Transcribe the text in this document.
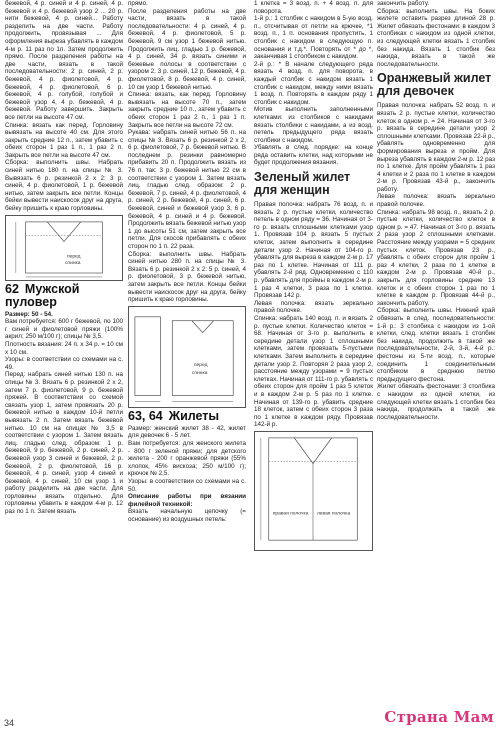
бежевой, 4 р. синей и 4 р. синей, 4 р. бежевой и 4 р. бежевой узор 2 ... 20 р. нити бежевой, 4 р. синей... Работу разделить на две части. Работу продолжить, провязывая ... Для оформления выреза убавлять в каждом 4-м р. 11 раз по 1п. Затем продолжить прямо. После разделения работы на две части, вязать в такой последовательности: 2 р. синей, 2 р. бежевой, 4 р. фиолетовой, 4 р. бежевой, 4 р. фиолетовой, 6 р. бежевой, 4 р. голубой, голубой и бежевой узор 4, 4 р. бежевой, 4 р. бежевой. Работу завершить. Закрыть все петли на высоте 47 см.

Спинка: вязать как перед. Горловину вывязать на высоте 40 см. Для этого закрыть средние 12 п., затем убавить с обеих сторон 1 раз 1 п., 1 раз 2 п. Закрыть все петли на высоте 47 см.

Сборка: выполнить швы. Набрать синей нитью 180 п. на спицы № 3. Вывязать 6 р. резинкой 2 х 2: 3 р. синей, 4 р. фиолетовой, 1 р. бежевой нитью, затем закрыть все петли. Концы бейки вывести наискосок друг на друга, бейку пришить к краю горловины.

перед
спинка
62 Мужской пуловер

Размер: 50 - 54.

Вам потребуется: 600 г бежевой, по 100 г синей и фиолетовой пряжи (100% акрил; 250 м/100 г); спицы № 3,5.

Плотность вязания: 24 п. х 34 р. = 10 см х 10 см.

Узоры: в соответствии со схемами на с. 49.

Перед: набрать синей нитью 130 п. на спицы № 3. Вязать 6 р. резинкой 2 х 2, затем 7 р. фиолетовой, 9 р. бежевой пряжей. В соответствии со схемой связать узор 1, затем провязать 20 р. бежевой нитью в каждом 10-й петли вывязать 2 п. Затем вязать бежевой нитью. 10 см на спицах № 3,5 в соответствии с узором 1. Затем вязать лиц. гладью след. образом: 1 р. бежевой, 9 р. бежевой, 2 р. синей, 2 р. бежевой узор 3 синей и бежевой, 2 р. бежевой, 2 р. фиолетовой, 16 р. бежевой, 4 р. синей, узор 4 синей и бежевой, 4 р. синей, 10 см узор 1 и работу разделить на две части. Для горловины вязать отдельно. Для горловины убавить в каждом 4-м р. 12 раз по 1 п. Затем вязать

прямо.

После разделения работы на две части, вязать в такой последовательности: 4 р. синей, 4 р. бежевой, 4 р. фиолетовой, 5 р. бежевой, 9 см узор 1 бежевой нитью. Продолжить лиц. гладью 1 р. бежевой, 4 р. синей, 34 р. вязать синими и бежевые полосы в соответствии с узором 2. 3 р. синей, 12 р. бежевой, 4 р. фиолетовой, 8 р. бежевой, 4 р. синей, 10 см узор 1 бежевой нитью.

Спинка: вязать, как перед. Горловину вывязать на высоте 70 п., затем закрыть средние 10 п., затем убавить с обеих сторон 1 раз 2 п., 1 раз 1 п. Закрыть все петли на высоте 72 см.

Рукава: набрать синей нитью 56 п. на спицы № 3. Вязать 6 р. резинкой 2 х 2, 6 р. фиолетовой, 7 р. бежевой нитью. В последнем р. резинки равномерно прибавить 20 п. Продолжить вязать из 76 п. так: 3 р. бежевой нитью 22 см в соответствии с узором 1. Затем вязать лиц. гладью след. образом: 2 р. бежевой, 7 р. синей, 4 р. фиолетовой, 4 р. синей, 2 р. бежевой, 4 р. синей, 6 р. бежевой, синей и бежевой узор 3, 6 р. бежевой, 4 р. синей и 4 р. бежевой. Продолжить вязать бежевой нитью узор 1 до высоты 51 см, затем закрыть все петли. Для скосов прибавлять с обеих сторон по 1 п. 22 раза.

Сборка: выполнить швы. Набрать синей нитью 280 п. на спицы № 3. Вязать 6 р. резинкой 2 х 2: 5 р. синей, 4 р. фиолетовой, 3 р. бежевой нитью, затем закрыть все петли. Концы бейки вывести наискосок друг на друга, бейку пришить к краю горловины.

перед
спинка
63, 64 Жилеты

Размер: женский жилет 38 - 42, жилет для девочек 6 - 5 лет.

Вам потребуется: для женского жилета - 800 г зеленой пряжи; для детского жилета - 200 г оранжевой пряжи (55% хлопок, 45% вискоза; 250 м/100 г); крючок № 2,5.

Узоры: в соответствии со схемами на с. 50.

Описание работы при вязании филейной техникой:

Вязать начальную цепочку (= основание) из воздушных петель:

1 клетка = 3 возд. п. + 4 возд. п. для поворота.

1-й р.: 1 столбик с накидом в 5-ую возд. п., отсчитывая от петли на крючке, *1 возд. п., 1 п. основания пропустить, 1 столбик с накидом в следующую п. основания и т.д.*. Повторять от * до *, заканчивая 1 столбиком с накидом.

2-й р.: * В начале следующего ряда вязать 4 возд. п. для поворота, в каждый столбик с накидом вязать 1 столбик с накидом, между ними вязать 1 возд. п. Повторять в каждом ряду 1 столбик с накидом.

Мотив выполнить заполненными клетками: из столбиков с накидами вязать столбики с накидами, а из возд. петель предыдущего ряда вязать столбики с накидом.

Убавлять в след. порядке: на конце ряда оставить клетки, над которыми не будет продолжения вязания.

Зеленый жилет для женщин

Правая полочка: набрать 76 возд. п. и вязать 2 р. пустые клетки, количество петель в одном ряду = 36. Начиная от 3-го р. вязать сплошными клетками узор 1. Провязав 104 р. вязать 5 пустых клеток, затем выполнить в середине детали узор 2. Начиная от 104-го р. убавлять для выреза в каждом 2-м р. 17 раз по 1 клетке. Начиная от 111 р. убавлять 2-й ряд. Одновременно с 110 р. убавлять для проймы в каждом 2-м р. 1 раз 4 клетки, 3 раза по 1 клетке. Провязав 142 р.

Левая полочка: вязать зеркально правой полочке.

Спинка: набрать 140 возд. п. и вязать 2 р. пустые клетки. Количество клеток = 68. Начиная от 3-го р. выполнить в середине детали узор 1 сплошными клетками, затем провязать 5-пустыми клетками. Затем выполнить в середине детали узор 2. Повторяя 2 раза узор 2, расстояние между узорами = 9 пустых клетках. Начиная от 111-го р. убавлять с обеих сторон для пройм 1 раз 5 клеток и в каждом 2-м р. 5 раз по 1 клетке. Начиная от 139-го р. убавить средние 18 клеток, затем с обеих сторон 3 раза по 1 клетке в каждом ряду. Провязав 142-й р.

правая полочка левая полочка

закончить работу.

Сборка: выполнить швы. На боких жилете оставить разрез длиной 28 р. Жилет обвязать фестонами: в каждом 3 столбиках с накидом из одной клетки, из следующей клетки вязать 1 столбик без накида. Вязать 1 столбик без накида, вязать в такой же последовательности.

Оранжевый жилет для девочек

Правая полочка: набрать 52 возд. п. и вязать 2 р. пустые клетки, количество клеток в одном р. = 24. Начиная от 3-го р. вязать в середине детали узор 2 сплошными клетками. Провязав 22-й р., убавлять одновременно для формирования выреза и пройм. Для выреза убавлять в каждом 2-м р. 12 раз по 1 клетке. Для пройм убавлять 1 раз 4 клетки и 2 раза по 1 клетке в каждом 2-м р. Провязав 43-й р., закончить работу.

Левая полочка: вязать зеркально правой полочке.

Спинка: набрать 98 возд. п., вязать 2 р. пустые клетки, количество клеток в одном р. = 47. Начиная от 3-го р. вязать 2 раза узор 2 сплошными клетками. Расстояние между узорами = 5 средних пустых клеток. Провязав 23 р., убавлять с обеих сторон для пройм 1 раз 4 клетки, 2 раза по 1 клетке в каждом 2-м р. Провязав 40-й р., закрыть для горловины средние 13 клеток и с обеих сторон 1 раз по 1 клетке в каждом р. Провязав 44-й р., закончить работу.

Сборка: выполнить швы. Нижний край обвязать в след. последовательности: 1-й р.: 3 столбика с накидом из 1-ой клетки, след. клетки вязать 1 столбик без накида, продолжить в такой же последовательности, 2-й, 3-й, 4-й р.: фестоны из 5-ти возд. п., которые соединить 1 соединительным столбиком в среднюю петлю предыдущего фестона.

Жилет обвязать фестонами: 3 столбика с накидом из одной клетки, из следующей клетки вязать 1 столбик без накида, продолжать в такой же последовательности.

34	Страна Мам
